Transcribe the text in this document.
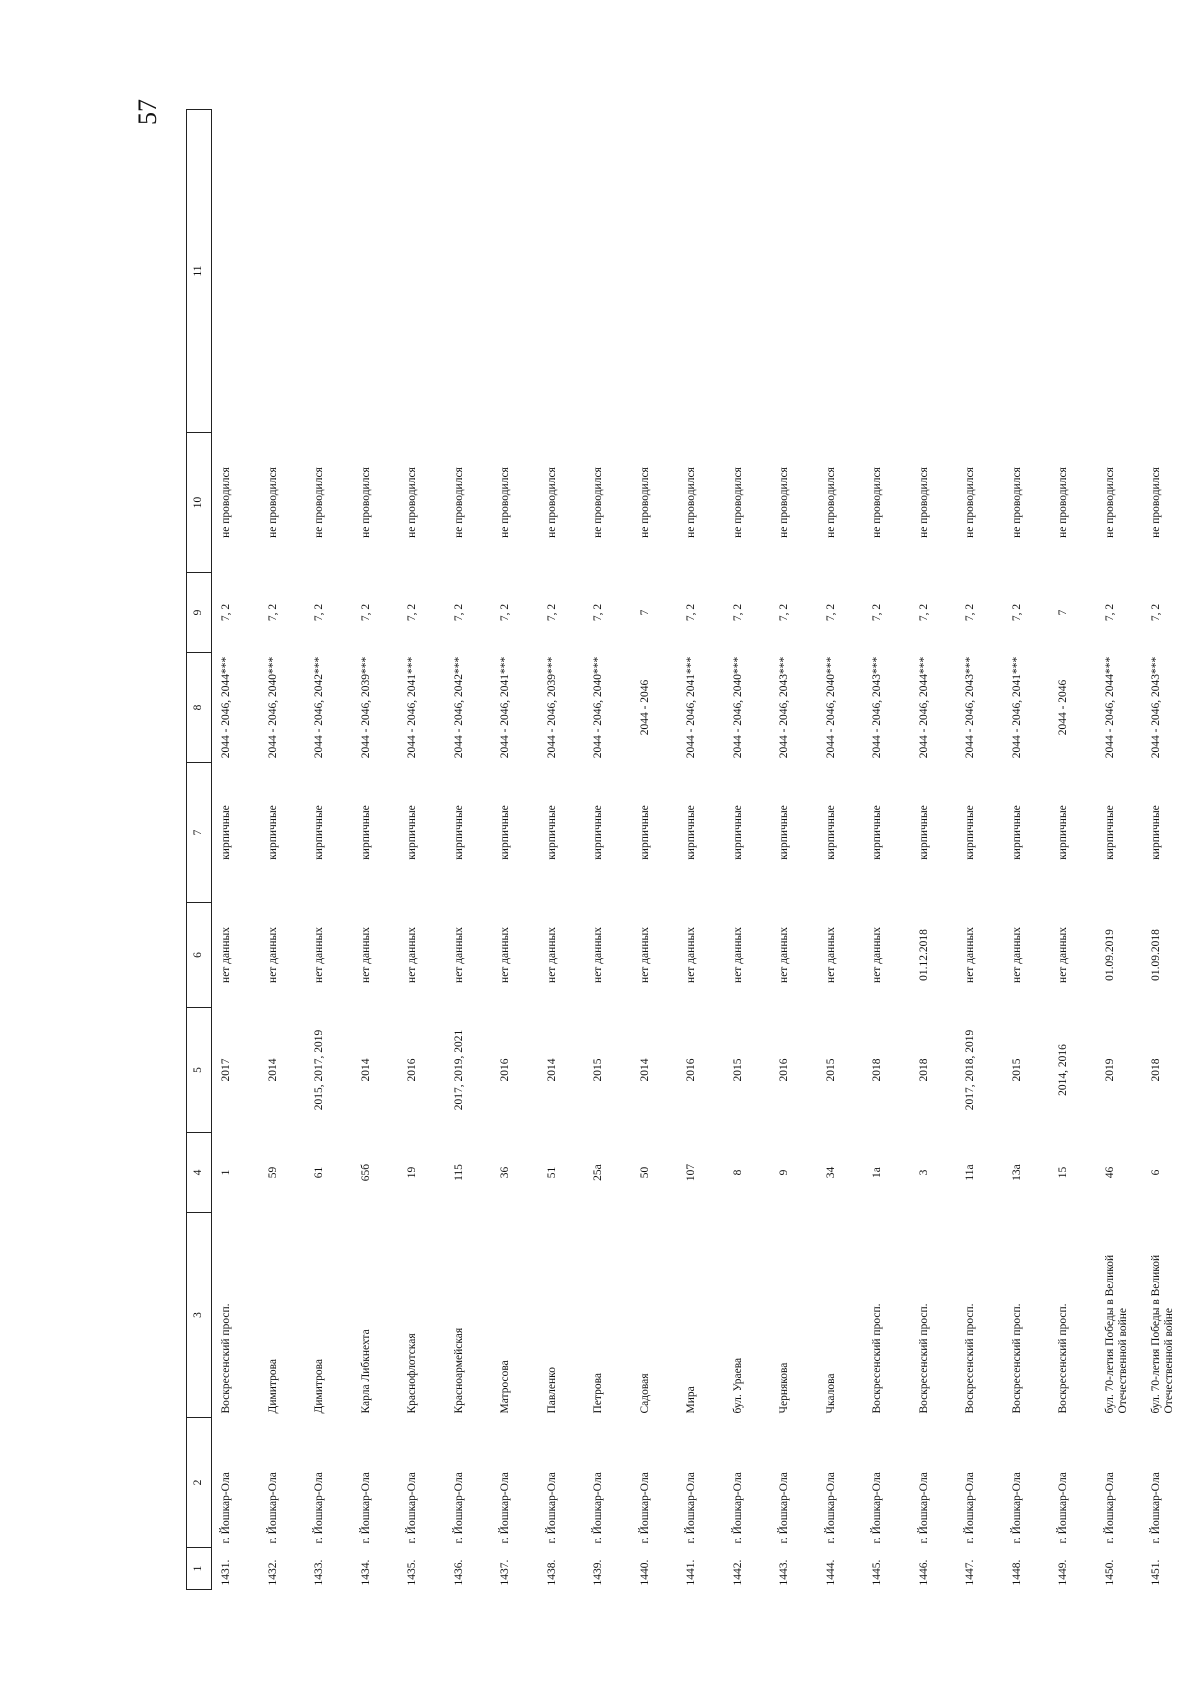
57
1	2	3	4	5	6	7	8	9	10	11
1431.	г. Йошкар-Ола	Воскресенский просп.	1	2017	нет данных	кирпичные	2044 - 2046, 2044***	7, 2	не проводился	
1432.	г. Йошкар-Ола	Димитрова	59	2014	нет данных	кирпичные	2044 - 2046, 2040***	7, 2	не проводился	
1433.	г. Йошкар-Ола	Димитрова	61	2015, 2017, 2019	нет данных	кирпичные	2044 - 2046, 2042***	7, 2	не проводился	
1434.	г. Йошкар-Ола	Карла Либкнехта	65б	2014	нет данных	кирпичные	2044 - 2046, 2039***	7, 2	не проводился	
1435.	г. Йошкар-Ола	Краснофлотская	19	2016	нет данных	кирпичные	2044 - 2046, 2041***	7, 2	не проводился	
1436.	г. Йошкар-Ола	Красноармейская	115	2017, 2019, 2021	нет данных	кирпичные	2044 - 2046, 2042***	7, 2	не проводился	
1437.	г. Йошкар-Ола	Матросова	36	2016	нет данных	кирпичные	2044 - 2046, 2041***	7, 2	не проводился	
1438.	г. Йошкар-Ола	Павленко	51	2014	нет данных	кирпичные	2044 - 2046, 2039***	7, 2	не проводился	
1439.	г. Йошкар-Ола	Петрова	25а	2015	нет данных	кирпичные	2044 - 2046, 2040***	7, 2	не проводился	
1440.	г. Йошкар-Ола	Садовая	50	2014	нет данных	кирпичные	2044 - 2046	7	не проводился	
1441.	г. Йошкар-Ола	Мира	107	2016	нет данных	кирпичные	2044 - 2046, 2041***	7, 2	не проводился	
1442.	г. Йошкар-Ола	бул. Ураева	8	2015	нет данных	кирпичные	2044 - 2046, 2040***	7, 2	не проводился	
1443.	г. Йошкар-Ола	Чернякова	9	2016	нет данных	кирпичные	2044 - 2046, 2043***	7, 2	не проводился	
1444.	г. Йошкар-Ола	Чкалова	34	2015	нет данных	кирпичные	2044 - 2046, 2040***	7, 2	не проводился	
1445.	г. Йошкар-Ола	Воскресенский просп.	1а	2018	нет данных	кирпичные	2044 - 2046, 2043***	7, 2	не проводился	
1446.	г. Йошкар-Ола	Воскресенский просп.	3	2018	01.12.2018	кирпичные	2044 - 2046, 2044***	7, 2	не проводился	
1447.	г. Йошкар-Ола	Воскресенский просп.	11а	2017, 2018, 2019	нет данных	кирпичные	2044 - 2046, 2043***	7, 2	не проводился	
1448.	г. Йошкар-Ола	Воскресенский просп.	13а	2015	нет данных	кирпичные	2044 - 2046, 2041***	7, 2	не проводился	
1449.	г. Йошкар-Ола	Воскресенский просп.	15	2014, 2016	нет данных	кирпичные	2044 - 2046	7	не проводился	
1450.	г. Йошкар-Ола	бул. 70-летия Победы в Великой Отечественной войне	46	2019	01.09.2019	кирпичные	2044 - 2046, 2044***	7, 2	не проводился	
1451.	г. Йошкар-Ола	бул. 70-летия Победы в Великой Отечественной войне	6	2018	01.09.2018	кирпичные	2044 - 2046, 2043***	7, 2	не проводился	
